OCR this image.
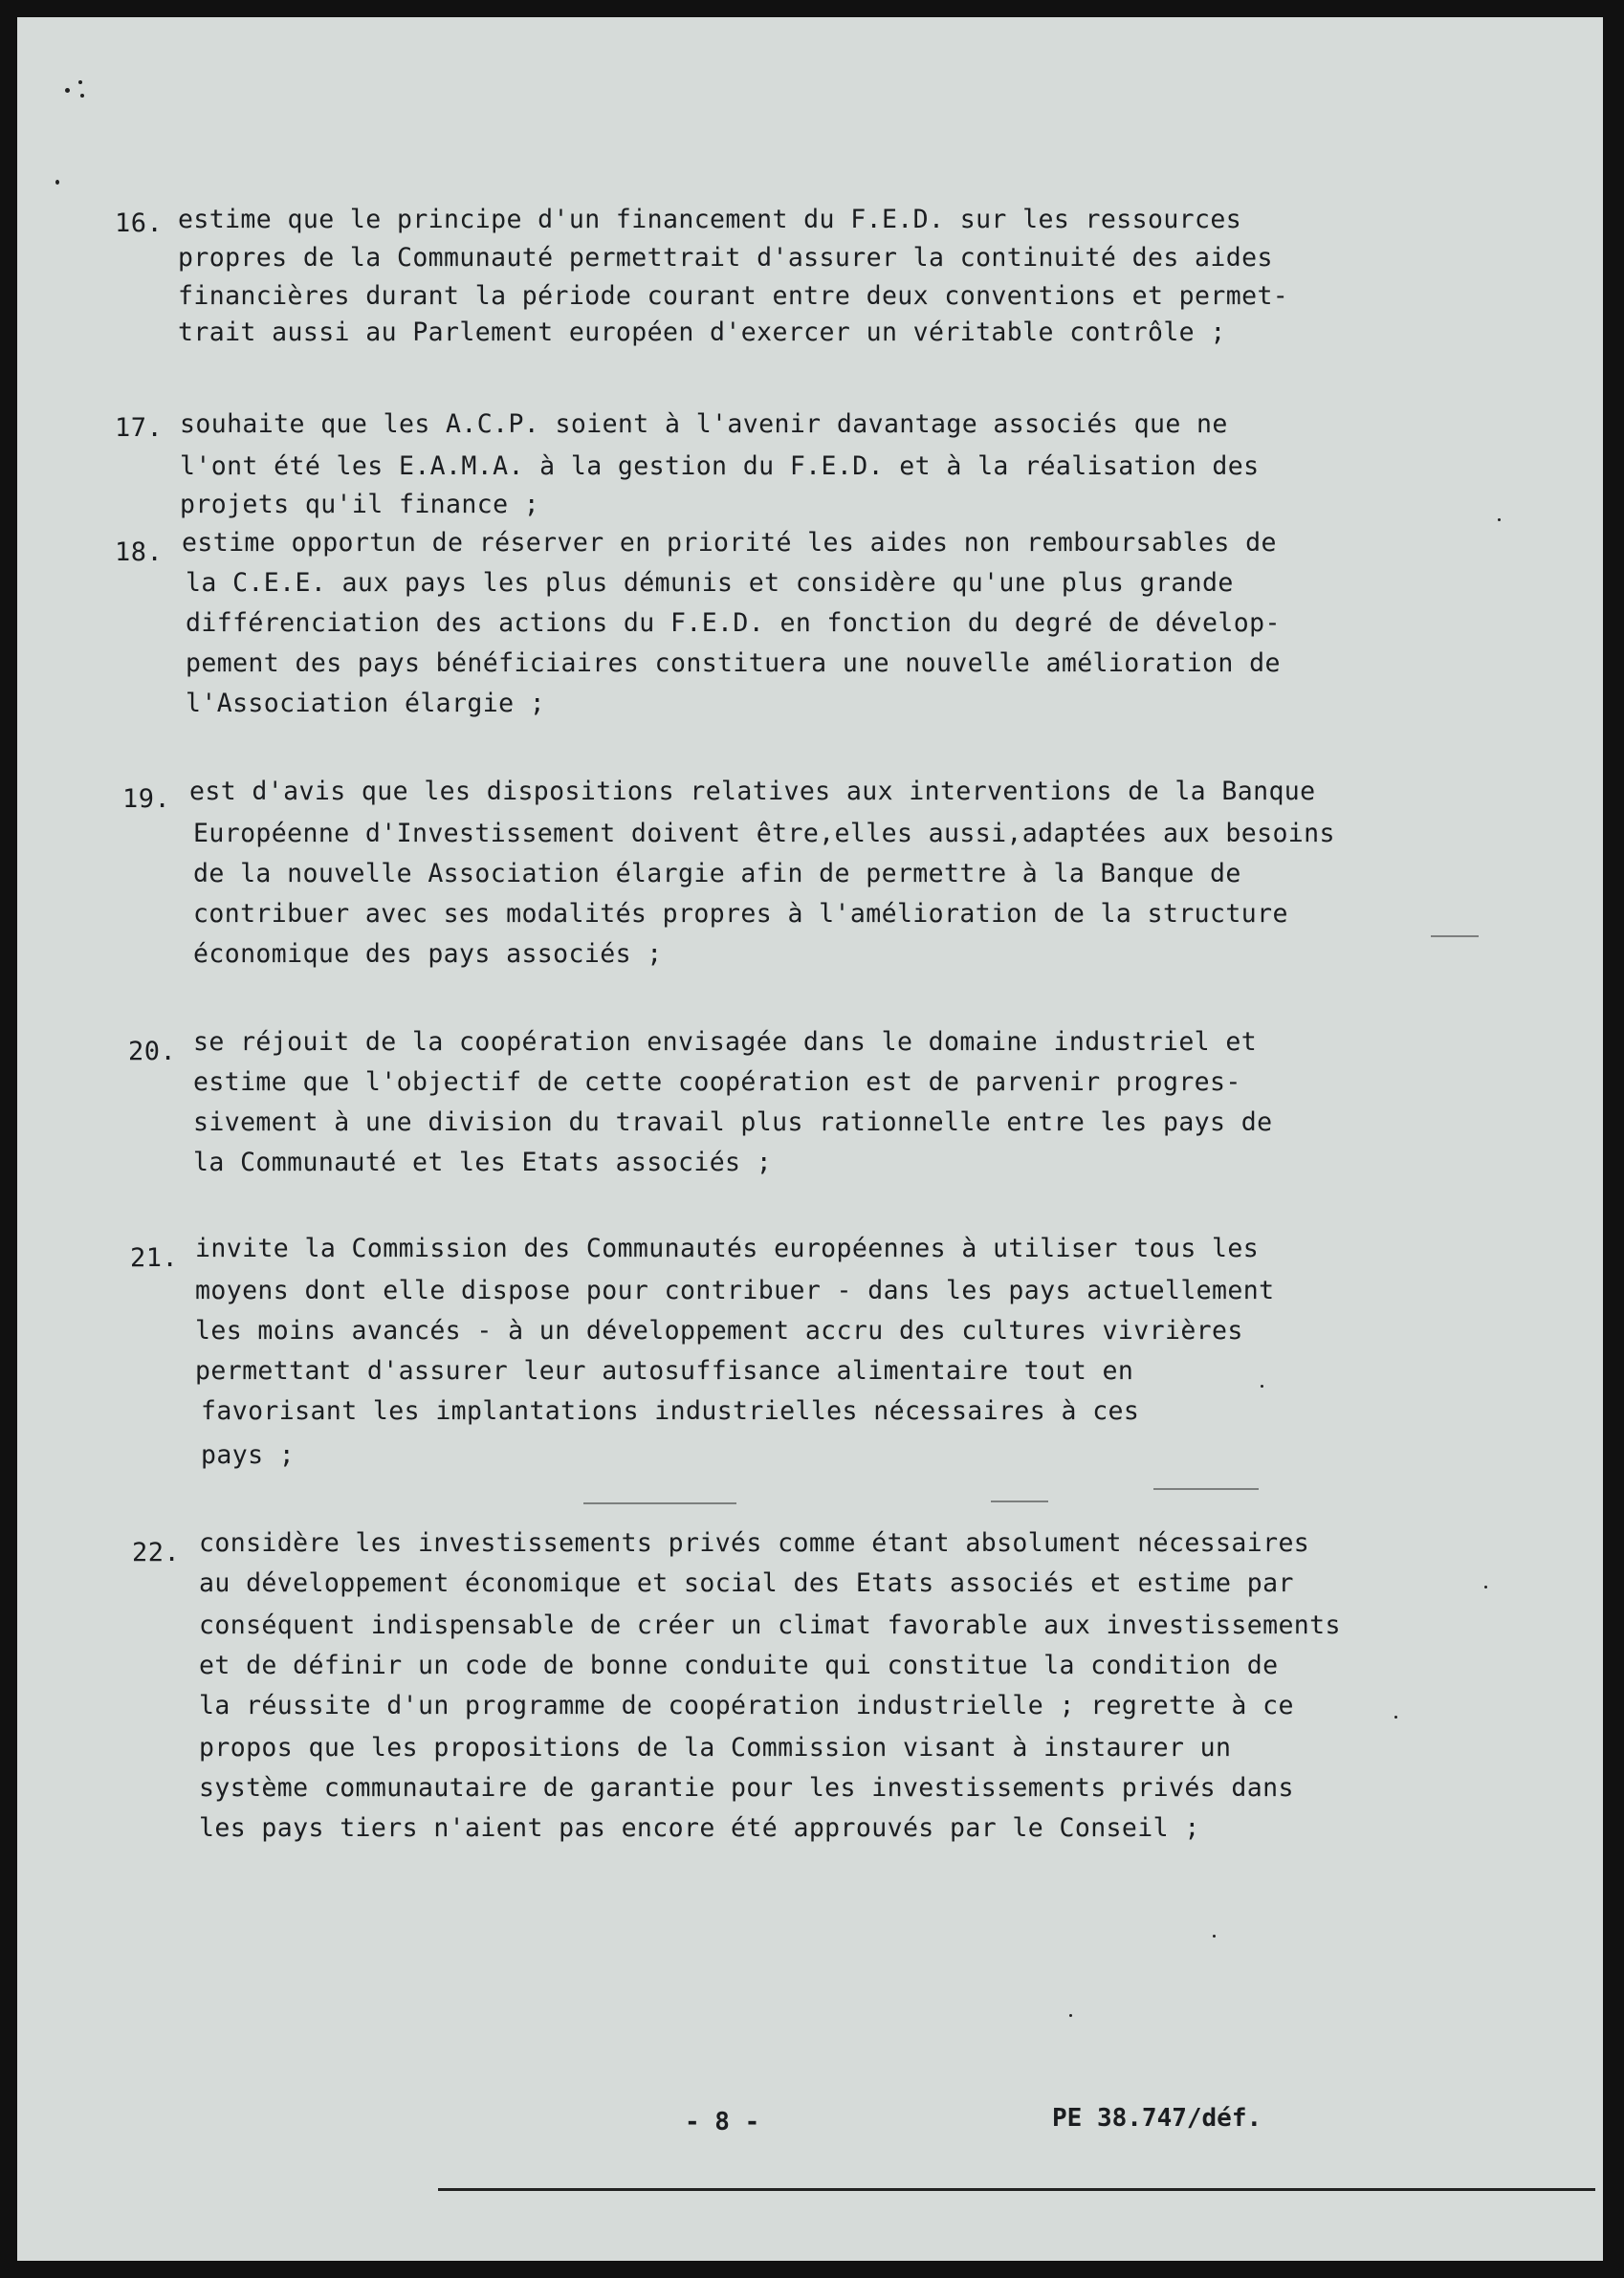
16. estime que le principe d'un financement du F.E.D. sur les ressources
propres de la Communauté permettrait d'assurer la continuité des aides
financières durant la période courant entre deux conventions et permet-
trait aussi au Parlement européen d'exercer un véritable contrôle ;
17. souhaite que les A.C.P. soient à l'avenir davantage associés que ne
l'ont été les E.A.M.A. à la gestion du F.E.D. et à la réalisation des
projets qu'il finance ;
18. estime opportun de réserver en priorité les aides non remboursables de
la C.E.E. aux pays les plus démunis et considère qu'une plus grande
différenciation des actions du F.E.D. en fonction du degré de dévelop-
pement des pays bénéficiaires constituera une nouvelle amélioration de
l'Association élargie ;
19. est d'avis que les dispositions relatives aux interventions de la Banque
Européenne d'Investissement doivent être,elles aussi,adaptées aux besoins
de la nouvelle Association élargie afin de permettre à la Banque de
contribuer avec ses modalités propres à l'amélioration de la structure
économique des pays associés ;
20. se réjouit de la coopération envisagée dans le domaine industriel et
estime que l'objectif de cette coopération est de parvenir progres-
sivement à une division du travail plus rationnelle entre les pays de
la Communauté et les Etats associés ;
21. invite la Commission des Communautés européennes à utiliser tous les
moyens dont elle dispose pour contribuer - dans les pays actuellement
les moins avancés - à un développement accru des cultures vivrières
permettant d'assurer leur autosuffisance alimentaire tout en
favorisant les implantations industrielles nécessaires à ces
pays ;
22. considère les investissements privés comme étant absolument nécessaires
au développement économique et social des Etats associés et estime par
conséquent indispensable de créer un climat favorable aux investissements
et de définir un code de bonne conduite qui constitue la condition de
la réussite d'un programme de coopération industrielle ; regrette à ce
propos que les propositions de la Commission visant à instaurer un
système communautaire de garantie pour les investissements privés dans
les pays tiers n'aient pas encore été approuvés par le Conseil ;
- 8 -	PE 38.747/déf.
